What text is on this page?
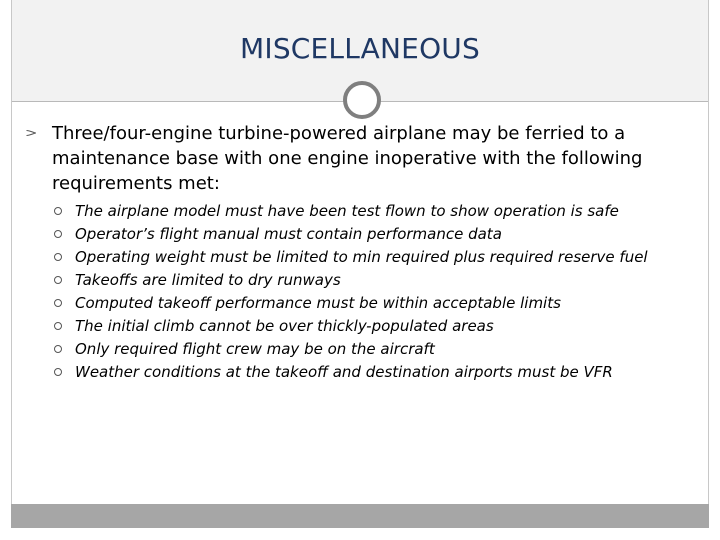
MISCELLANEOUS
Three/four-engine turbine-powered airplane may be ferried to a maintenance base with one engine inoperative with the following requirements met:
The airplane model must have been test flown to show operation is safe
Operator’s flight manual must contain performance data
Operating weight must be limited to min required plus required reserve fuel
Takeoffs are limited to dry runways
Computed takeoff performance must be within acceptable limits
The initial climb cannot be over thickly-populated areas
Only required flight crew may be on the aircraft
Weather conditions at the takeoff and destination airports must be VFR
